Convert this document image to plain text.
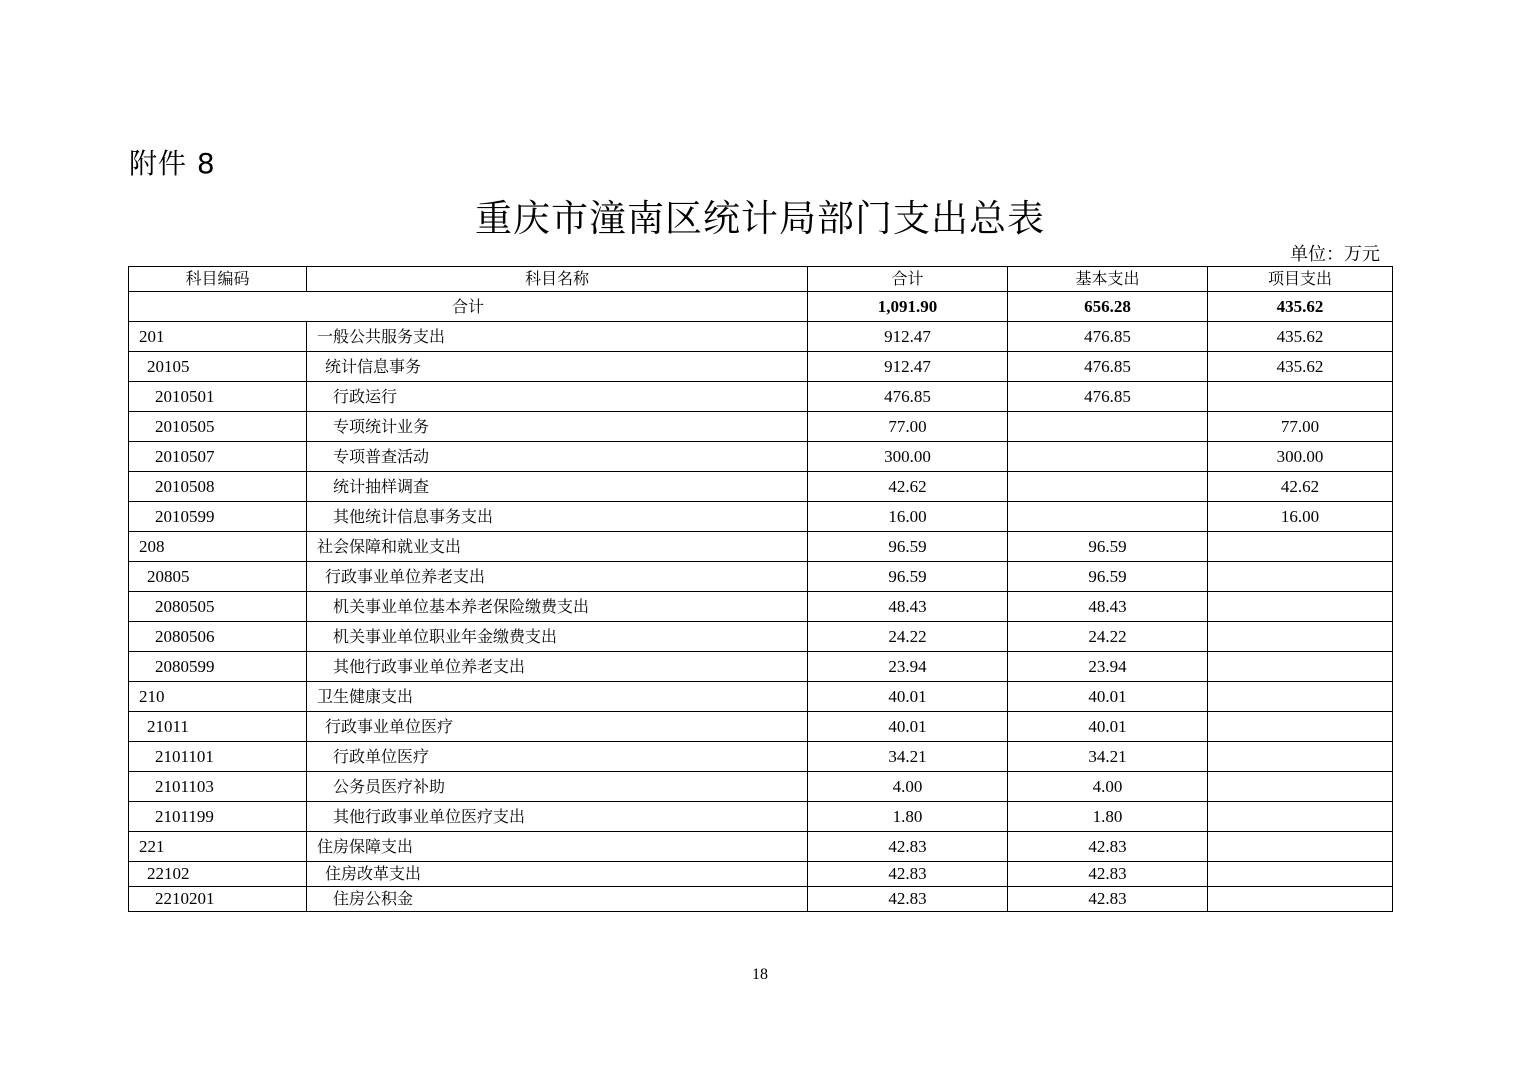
附件 8
重庆市潼南区统计局部门支出总表
单位：万元
科目编码	科目名称	合计	基本支出	项目支出
合计		1,091.90	656.28	435.62
201	一般公共服务支出	912.47	476.85	435.62
20105	统计信息事务	912.47	476.85	435.62
2010501	行政运行	476.85	476.85	
2010505	专项统计业务	77.00		77.00
2010507	专项普查活动	300.00		300.00
2010508	统计抽样调查	42.62		42.62
2010599	其他统计信息事务支出	16.00		16.00
208	社会保障和就业支出	96.59	96.59	
20805	行政事业单位养老支出	96.59	96.59	
2080505	机关事业单位基本养老保险缴费支出	48.43	48.43	
2080506	机关事业单位职业年金缴费支出	24.22	24.22	
2080599	其他行政事业单位养老支出	23.94	23.94	
210	卫生健康支出	40.01	40.01	
21011	行政事业单位医疗	40.01	40.01	
2101101	行政单位医疗	34.21	34.21	
2101103	公务员医疗补助	4.00	4.00	
2101199	其他行政事业单位医疗支出	1.80	1.80	
221	住房保障支出	42.83	42.83	
22102	住房改革支出	42.83	42.83	
2210201	住房公积金	42.83	42.83	
18
